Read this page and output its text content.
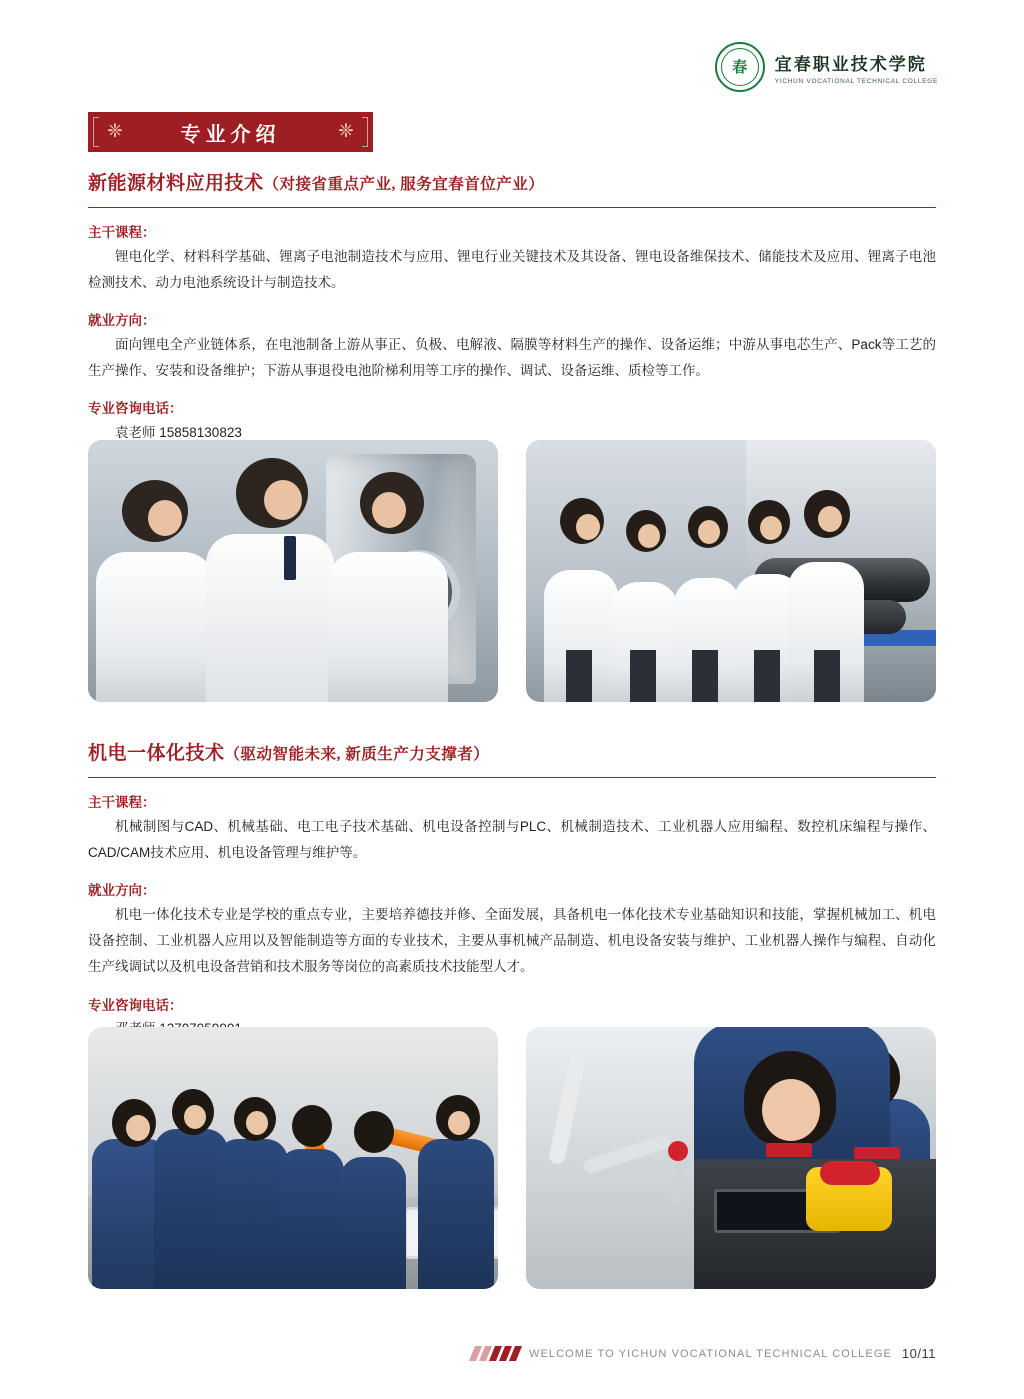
春 宜春职业技术学院
YICHUN VOCATIONAL TECHNICAL COLLEGE
❈	专业介绍	❈
新能源材料应用技术（对接省重点产业, 服务宜春首位产业）
主干课程：
锂电化学、材料科学基础、锂离子电池制造技术与应用、锂电行业关键技术及其设备、锂电设备维保技术、储能技术及应用、锂离子电池检测技术、动力电池系统设计与制造技术。
就业方向：
面向锂电全产业链体系，在电池制备上游从事正、负极、电解液、隔膜等材料生产的操作、设备运维；中游从事电芯生产、Pack等工艺的生产操作、安装和设备维护；下游从事退役电池阶梯利用等工序的操作、调试、设备运维、质检等工作。
专业咨询电话：
袁老师 15858130823
机电一体化技术（驱动智能未来, 新质生产力支撑者）
主干课程：
机械制图与CAD、机械基础、电工电子技术基础、机电设备控制与PLC、机械制造技术、工业机器人应用编程、数控机床编程与操作、CAD/CAM技术应用、机电设备管理与维护等。
就业方向：
机电一体化技术专业是学校的重点专业，主要培养德技并修、全面发展，具备机电一体化技术专业基础知识和技能，掌握机械加工、机电设备控制、工业机器人应用以及智能制造等方面的专业技术，主要从事机械产品制造、机电设备安装与维护、工业机器人操作与编程、自动化生产线调试以及机电设备营销和技术服务等岗位的高素质技术技能型人才。
专业咨询电话：
WELCOME TO YICHUN VOCATIONAL TECHNICAL COLLEGE 10/11
